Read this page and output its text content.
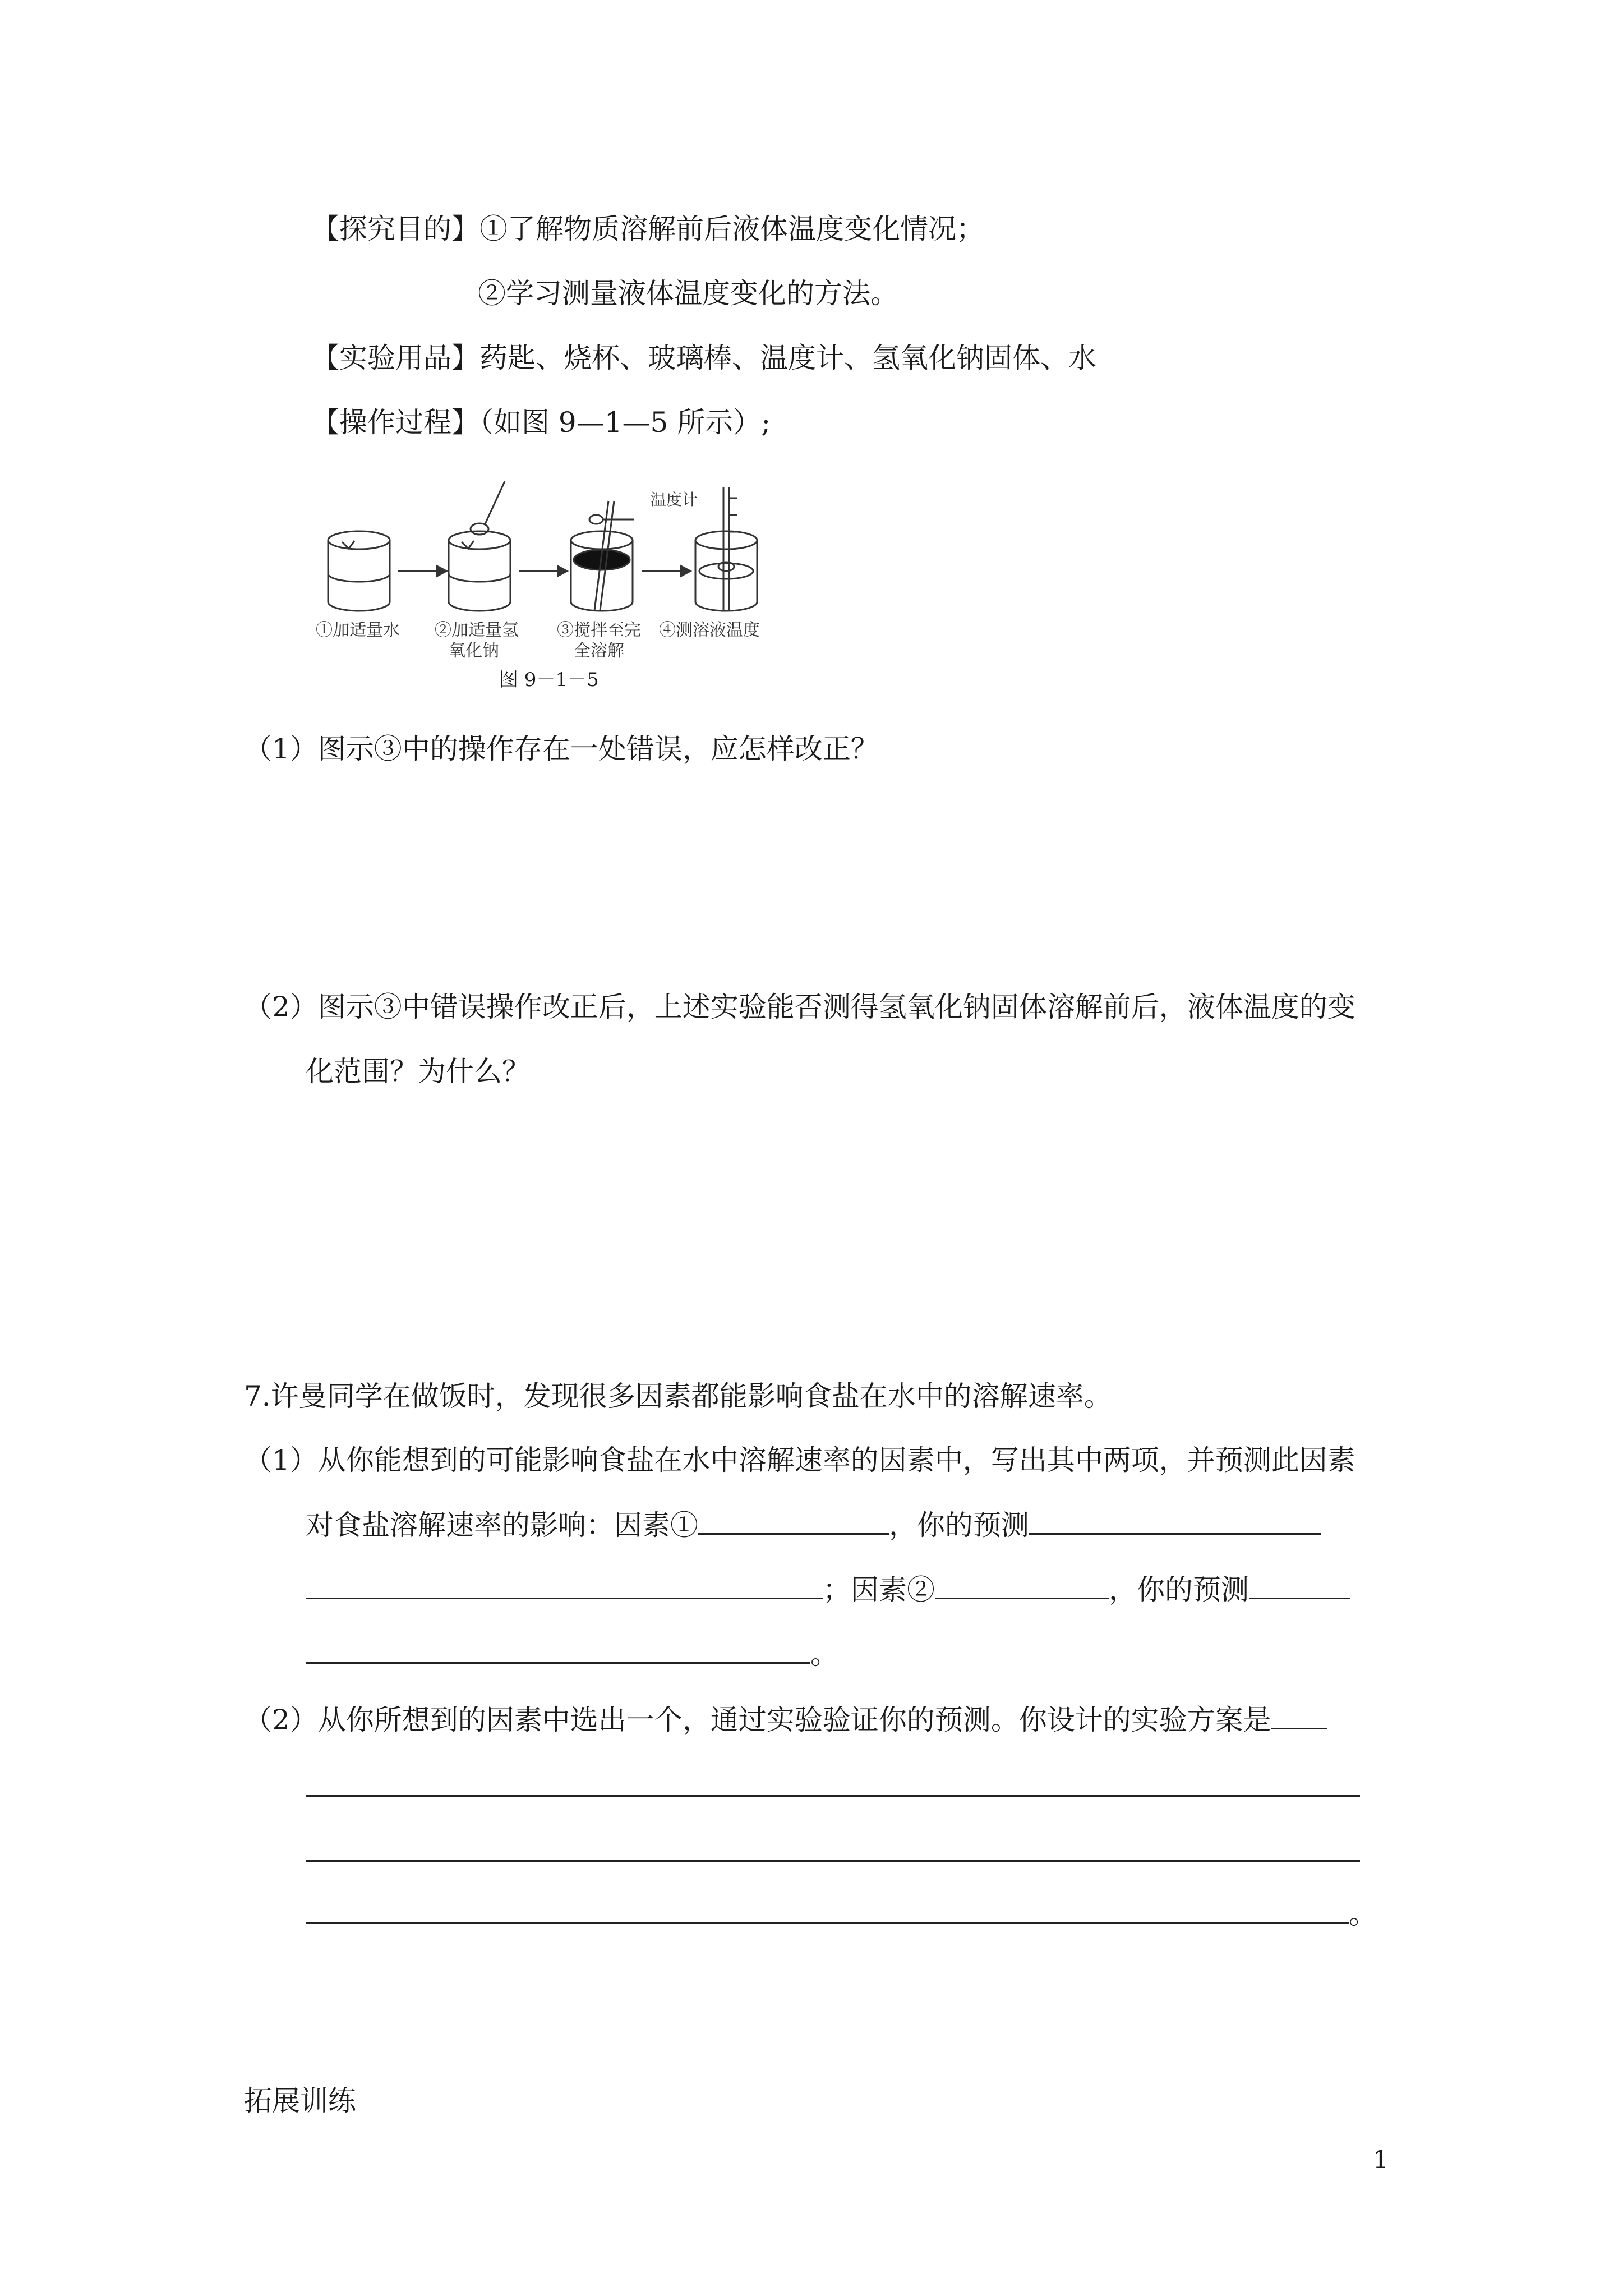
【探究目的】①了解物质溶解前后液体温度变化情况；
②学习测量液体温度变化的方法。
【实验用品】药匙、烧杯、玻璃棒、温度计、氢氧化钠固体、水
【操作过程】（如图 9—1—5 所示）;
温度计
①加适量水 ②加适量氢
氧化钠
③搅拌至完
全溶解
④测溶液温度
图 9－1－5
（1）图示③中的操作存在一处错误，应怎样改正？
（2）图示③中错误操作改正后，上述实验能否测得氢氧化钠固体溶解前后，液体温度的变
化范围？为什么？
7.许曼同学在做饭时，发现很多因素都能影响食盐在水中的溶解速率。
（1）从你能想到的可能影响食盐在水中溶解速率的因素中，写出其中两项，并预测此因素
对食盐溶解速率的影响：因素①	，你的预测
；因素②	，你的预测
。
（2）从你所想到的因素中选出一个，通过实验验证你的预测。你设计的实验方案是
。
拓展训练
1
